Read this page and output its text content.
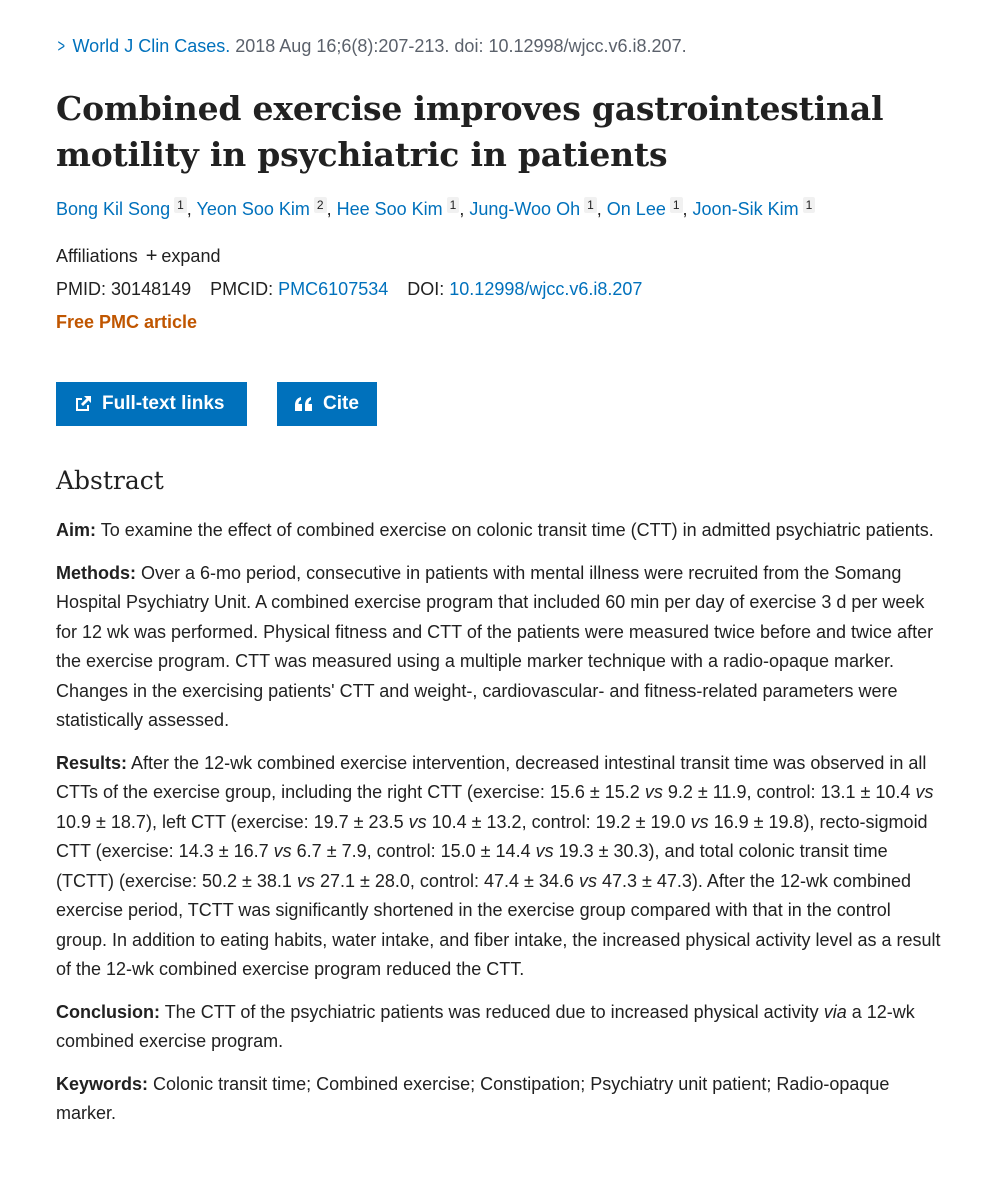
> World J Clin Cases. 2018 Aug 16;6(8):207-213. doi: 10.12998/wjcc.v6.i8.207.
Combined exercise improves gastrointestinal motility in psychiatric in patients
Bong Kil Song $^1$ , Yeon Soo Kim $^2$ , Hee Soo Kim $^1$ , Jung-Woo Oh $^1$ , On Lee $^1$ , Joon-Sik Kim $^1$
Affiliations + expand
PMID: 30148149 PMCID: PMC6107534 DOI: 10.12998/wjcc.v6.i8.207
Free PMC article
Full-text links	Cite
Abstract

Aim: To examine the effect of combined exercise on colonic transit time (CTT) in admitted psychiatric patients.

Methods: Over a 6-mo period, consecutive in patients with mental illness were recruited from the Somang Hospital Psychiatry Unit. A combined exercise program that included 60 min per day of exercise 3 d per week for 12 wk was performed. Physical fitness and CTT of the patients were measured twice before and twice after the exercise program. CTT was measured using a multiple marker technique with a radio-opaque marker. Changes in the exercising patients' CTT and weight-, cardiovascular- and fitness-related parameters were statistically assessed.

Results: After the 12-wk combined exercise intervention, decreased intestinal transit time was observed in all CTTs of the exercise group, including the right CTT (exercise: 15.6 ± 15.2 vs 9.2 ± 11.9, control: 13.1 ± 10.4 vs 10.9 ± 18.7), left CTT (exercise: 19.7 ± 23.5 vs 10.4 ± 13.2, control: 19.2 ± 19.0 vs 16.9 ± 19.8), recto-sigmoid CTT (exercise: 14.3 ± 16.7 vs 6.7 ± 7.9, control: 15.0 ± 14.4 vs 19.3 ± 30.3), and total colonic transit time (TCTT) (exercise: 50.2 ± 38.1 vs 27.1 ± 28.0, control: 47.4 ± 34.6 vs 47.3 ± 47.3). After the 12-wk combined exercise period, TCTT was significantly shortened in the exercise group compared with that in the control group. In addition to eating habits, water intake, and fiber intake, the increased physical activity level as a result of the 12-wk combined exercise program reduced the CTT.

Conclusion: The CTT of the psychiatric patients was reduced due to increased physical activity via a 12-wk combined exercise program.

Keywords: Colonic transit time; Combined exercise; Constipation; Psychiatry unit patient; Radio-opaque marker.
